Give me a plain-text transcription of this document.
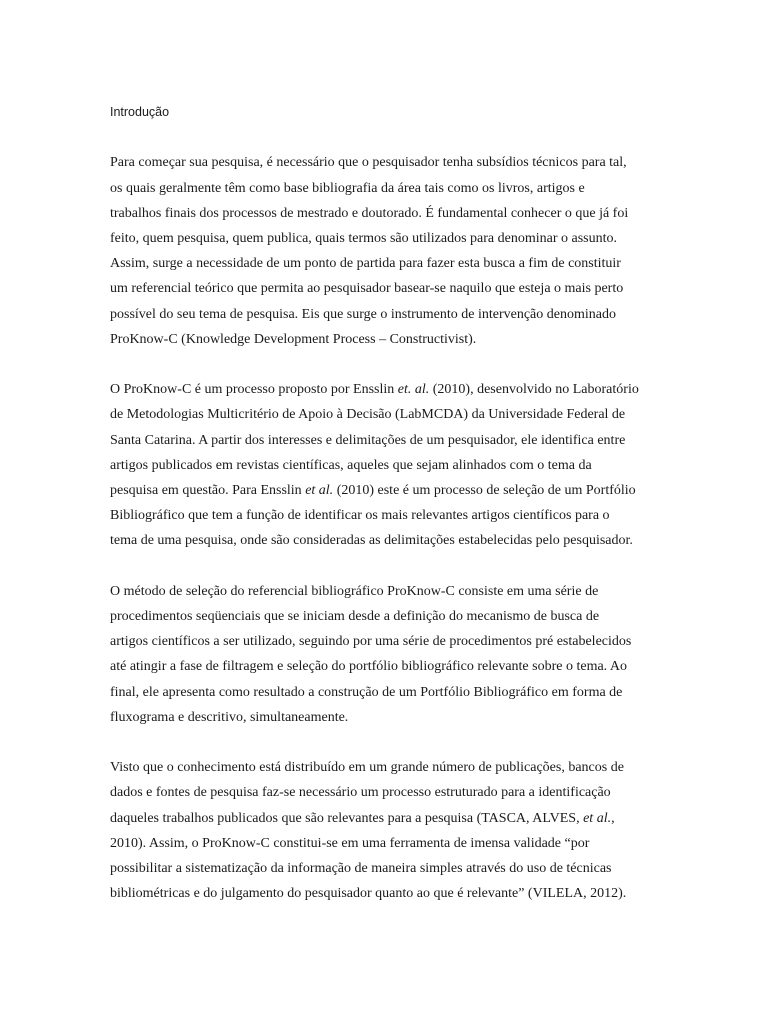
Introdução

Para começar sua pesquisa, é necessário que o pesquisador tenha subsídios técnicos para tal,
os quais geralmente têm como base bibliografia da área tais como os livros, artigos e
trabalhos finais dos processos de mestrado e doutorado. É fundamental conhecer o que já foi
feito, quem pesquisa, quem publica, quais termos são utilizados para denominar o assunto.
Assim, surge a necessidade de um ponto de partida para fazer esta busca a fim de constituir
um referencial teórico que permita ao pesquisador basear-se naquilo que esteja o mais perto
possível do seu tema de pesquisa. Eis que surge o instrumento de intervenção denominado
ProKnow-C (Knowledge Development Process – Constructivist).

O ProKnow-C é um processo proposto por Ensslin et. al. (2010), desenvolvido no Laboratório
de Metodologias Multicritério de Apoio à Decisão (LabMCDA) da Universidade Federal de
Santa Catarina. A partir dos interesses e delimitações de um pesquisador, ele identifica entre
artigos publicados em revistas científicas, aqueles que sejam alinhados com o tema da
pesquisa em questão. Para Ensslin et al. (2010) este é um processo de seleção de um Portfólio
Bibliográfico que tem a função de identificar os mais relevantes artigos científicos para o
tema de uma pesquisa, onde são consideradas as delimitações estabelecidas pelo pesquisador.

O método de seleção do referencial bibliográfico ProKnow-C consiste em uma série de
procedimentos seqüenciais que se iniciam desde a definição do mecanismo de busca de
artigos científicos a ser utilizado, seguindo por uma série de procedimentos pré estabelecidos
até atingir a fase de filtragem e seleção do portfólio bibliográfico relevante sobre o tema. Ao
final, ele apresenta como resultado a construção de um Portfólio Bibliográfico em forma de
fluxograma e descritivo, simultaneamente.

Visto que o conhecimento está distribuído em um grande número de publicações, bancos de
dados e fontes de pesquisa faz-se necessário um processo estruturado para a identificação
daqueles trabalhos publicados que são relevantes para a pesquisa (TASCA, ALVES, et al.,
2010). Assim, o ProKnow-C constitui-se em uma ferramenta de imensa validade “por
possibilitar a sistematização da informação de maneira simples através do uso de técnicas
bibliométricas e do julgamento do pesquisador quanto ao que é relevante” (VILELA, 2012).
